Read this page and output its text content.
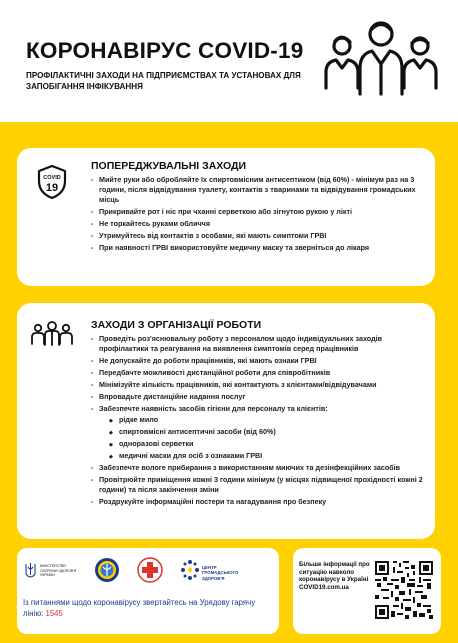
КОРОНАВІРУС COVID-19
ПРОФІЛАКТИЧНІ ЗАХОДИ НА ПІДПРИЄМСТВАХ ТА УСТАНОВАХ ДЛЯ ЗАПОБІГАННЯ ІНФІКУВАННЯ
COVID
19
ПОПЕРЕДЖУВАЛЬНІ ЗАХОДИ
- Мийте руки або обробляйте їх спиртовмісним антисептиком (від 60%) - мінімум раз на 3 години, після відвідування туалету, контактів з тваринами та відвідування громадських місць
- Прикривайте рот і ніс при чханні серветкою або зігнутою рукою у лікті
- Не торкайтесь руками обличчя
- Утримуйтесь від контактів з особами, які мають симптоми ГРВІ
- При наявності ГРВІ використовуйте медичну маску та зверніться до лікаря
ЗАХОДИ З ОРГАНІЗАЦІЇ РОБОТИ
- Проведіть роз'яснювальну роботу з персоналом щодо індивідуальних заходів профілактики та реагування на виявлення симптомів серед працівників
- Не допускайте до роботи працівників, які мають ознаки ГРВІ
- Передбачте можливості дистанційної роботи для співробітників
- Мінімізуйте кількість працівників, які контактують з клієнтами/відвідувачами
- Впровадьте дистанційне надання послуг
- Забезпечте наявність засобів гігієни для персоналу та клієнтів:
◆ рідке мило
◆ спиртовмісні антисептичні засоби (від 60%)
◆ одноразові серветки
◆ медичні маски для осіб з ознаками ГРВІ
- Забезпечте вологе прибирання з використанням миючих та дезінфекційних засобів
- Провітрюйте приміщення кожні 3 години мінімум (у місцях підвищеної прохідності кожні 2 години) та після закінчення зміни
- Роздрукуйте інформаційні постери та нагадування про безпеку
МІНІСТЕРСТВО ОХОРОНИ ЗДОРОВ'Я УКРАЇНИ
ЦЕНТР ГРОМАДСЬКОГО ЗДОРОВ'Я
Із питаннями щодо коронавірусу звертайтесь на Урядову гарячу лінію: 1545
Більше інформації про ситуацію навколо коронавірусу в Україні COVID19.com.ua
